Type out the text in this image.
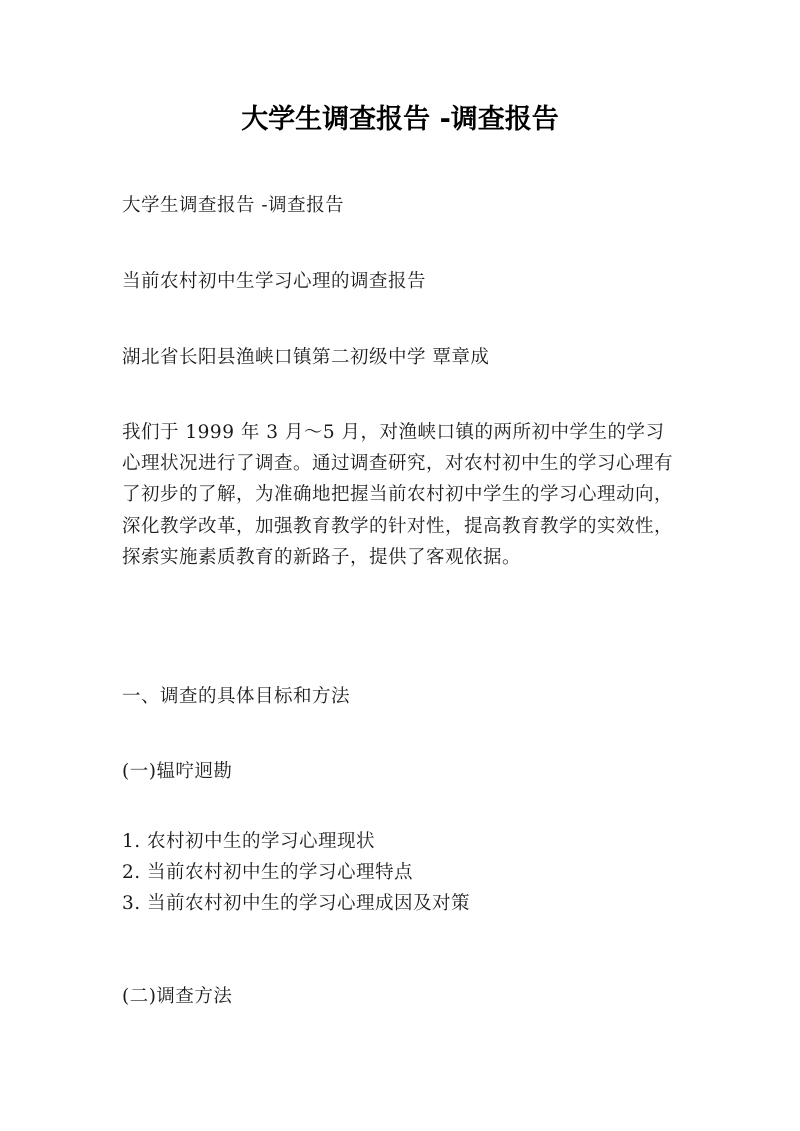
大学生调查报告 -调查报告

大学生调查报告 -调查报告

当前农村初中生学习心理的调查报告

湖北省长阳县渔峡口镇第二初级中学 覃章成

我们于 1999 年 3 月～5 月，对渔峡口镇的两所初中学生的学习心理状况进行了调查。通过调查研究，对农村初中生的学习心理有了初步的了解，为准确地把握当前农村初中学生的学习心理动向，深化教学改革，加强教育教学的针对性，提高教育教学的实效性，探索实施素质教育的新路子，提供了客观依据。

一、调查的具体目标和方法

(一)辒咛迥勘

1. 农村初中生的学习心理现状
2. 当前农村初中生的学习心理特点
3. 当前农村初中生的学习心理成因及对策

(二)调查方法
